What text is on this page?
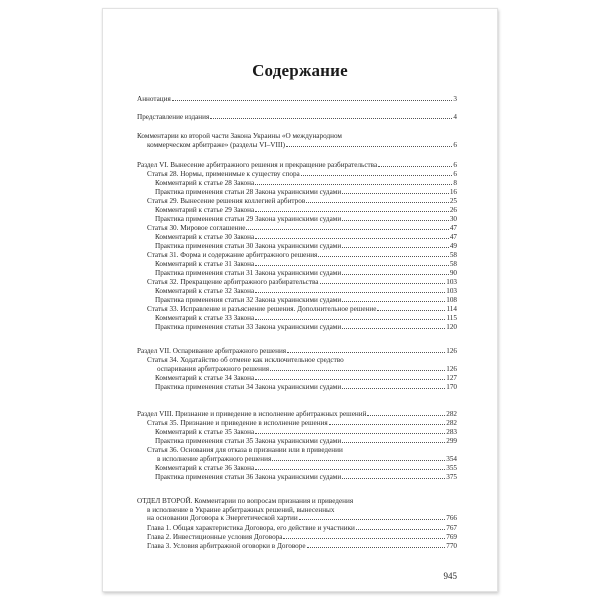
Содержание
Аннотация	3
Представление издания	4
Комментарии ко второй части Закона Украины «О международном
коммерческом арбитраже» (разделы VI–VIII)	6
Раздел VI. Вынесение арбитражного решения и прекращение разбирательства	6
Статья 28. Нормы, применимые к существу спора	6
Комментарий к статье 28 Закона	8
Практика применения статьи 28 Закона украинскими судами	16
Статья 29. Вынесение решения коллегией арбитров	25
Комментарий к статье 29 Закона	26
Практика применения статьи 29 Закона украинскими судами	30
Статья 30. Мировое соглашение	47
Комментарий к статье 30 Закона	47
Практика применения статьи 30 Закона украинскими судами	49
Статья 31. Форма и содержание арбитражного решения	58
Комментарий к статье 31 Закона	58
Практика применения статьи 31 Закона украинскими судами	90
Статья 32. Прекращение арбитражного разбирательства	103
Комментарий к статье 32 Закона	103
Практика применения статьи 32 Закона украинскими судами	108
Статья 33. Исправление и разъяснение решения. Дополнительное решение	114
Комментарий к статье 33 Закона	115
Практика применения статьи 33 Закона украинскими судами	120
Раздел VII. Оспаривание арбитражного решения	126
Статья 34. Ходатайство об отмене как исключительное средство
оспаривания арбитражного решения	126
Комментарий к статье 34 Закона	127
Практика применения статьи 34 Закона украинскими судами	170
Раздел VIII. Признание и приведение в исполнение арбитражных решений	282
Статья 35. Признание и приведение в исполнение решения	282
Комментарий к статье 35 Закона	283
Практика применения статьи 35 Закона украинскими судами	299
Статья 36. Основания для отказа в признании или в приведении
в исполнение арбитражного решения	354
Комментарий к статье 36 Закона	355
Практика применения статьи 36 Закона украинскими судами	375
ОТДЕЛ ВТОРОЙ. Комментарии по вопросам признания и приведения
в исполнение в Украине арбитражных решений, вынесенных
на основании Договора к Энергетической хартии	766
Глава 1. Общая характеристика Договора, его действие и участники	767
Глава 2. Инвестиционные условия Договора	769
Глава 3. Условия арбитражной оговорки в Договоре	770
945
